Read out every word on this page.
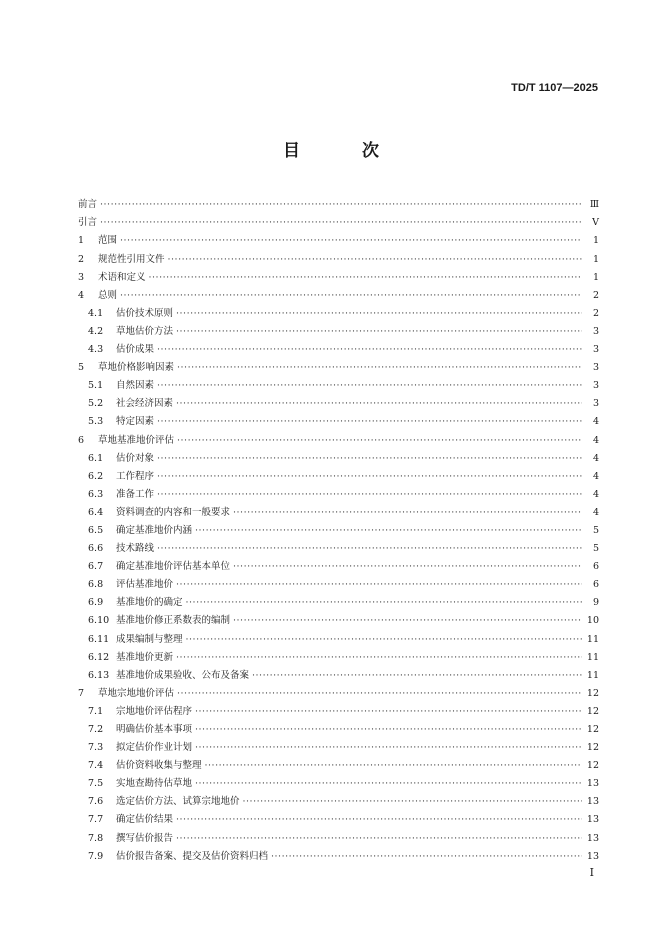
TD/T 1107—2025
目 次
前言 ·····	Ⅲ
引言 ·····	Ⅴ
1	范围 ·····	1
2	规范性引用文件 ·····	1
3	术语和定义 ·····	1
4	总则 ·····	2
4.1	估价技术原则 ·····	2
4.2	草地估价方法 ·····	3
4.3	估价成果 ·····	3
5	草地价格影响因素 ·····	3
5.1	自然因素 ·····	3
5.2	社会经济因素 ·····	3
5.3	特定因素 ·····	4
6	草地基准地价评估 ·····	4
6.1	估价对象 ·····	4
6.2	工作程序 ·····	4
6.3	准备工作 ·····	4
6.4	资料调查的内容和一般要求 ·····	4
6.5	确定基准地价内涵 ·····	5
6.6	技术路线 ·····	5
6.7	确定基准地价评估基本单位 ·····	6
6.8	评估基准地价 ·····	6
6.9	基准地价的确定 ·····	9
6.10 基准地价修正系数表的编制 ·····	10
6.11 成果编制与整理 ·····	11
6.12 基准地价更新 ·····	11
6.13 基准地价成果验收、公布及备案 ·····	11
7	草地宗地地价评估 ·····	12
7.1	宗地地价评估程序 ·····	12
7.2	明确估价基本事项 ·····	12
7.3	拟定估价作业计划 ·····	12
7.4	估价资料收集与整理 ·····	12
7.5	实地查勘待估草地 ·····	13
7.6	选定估价方法、试算宗地地价 ·····	13
7.7	确定估价结果 ·····	13
7.8	撰写估价报告 ·····	13
7.9	估价报告备案、提交及估价资料归档 ·····	13
Ⅰ
